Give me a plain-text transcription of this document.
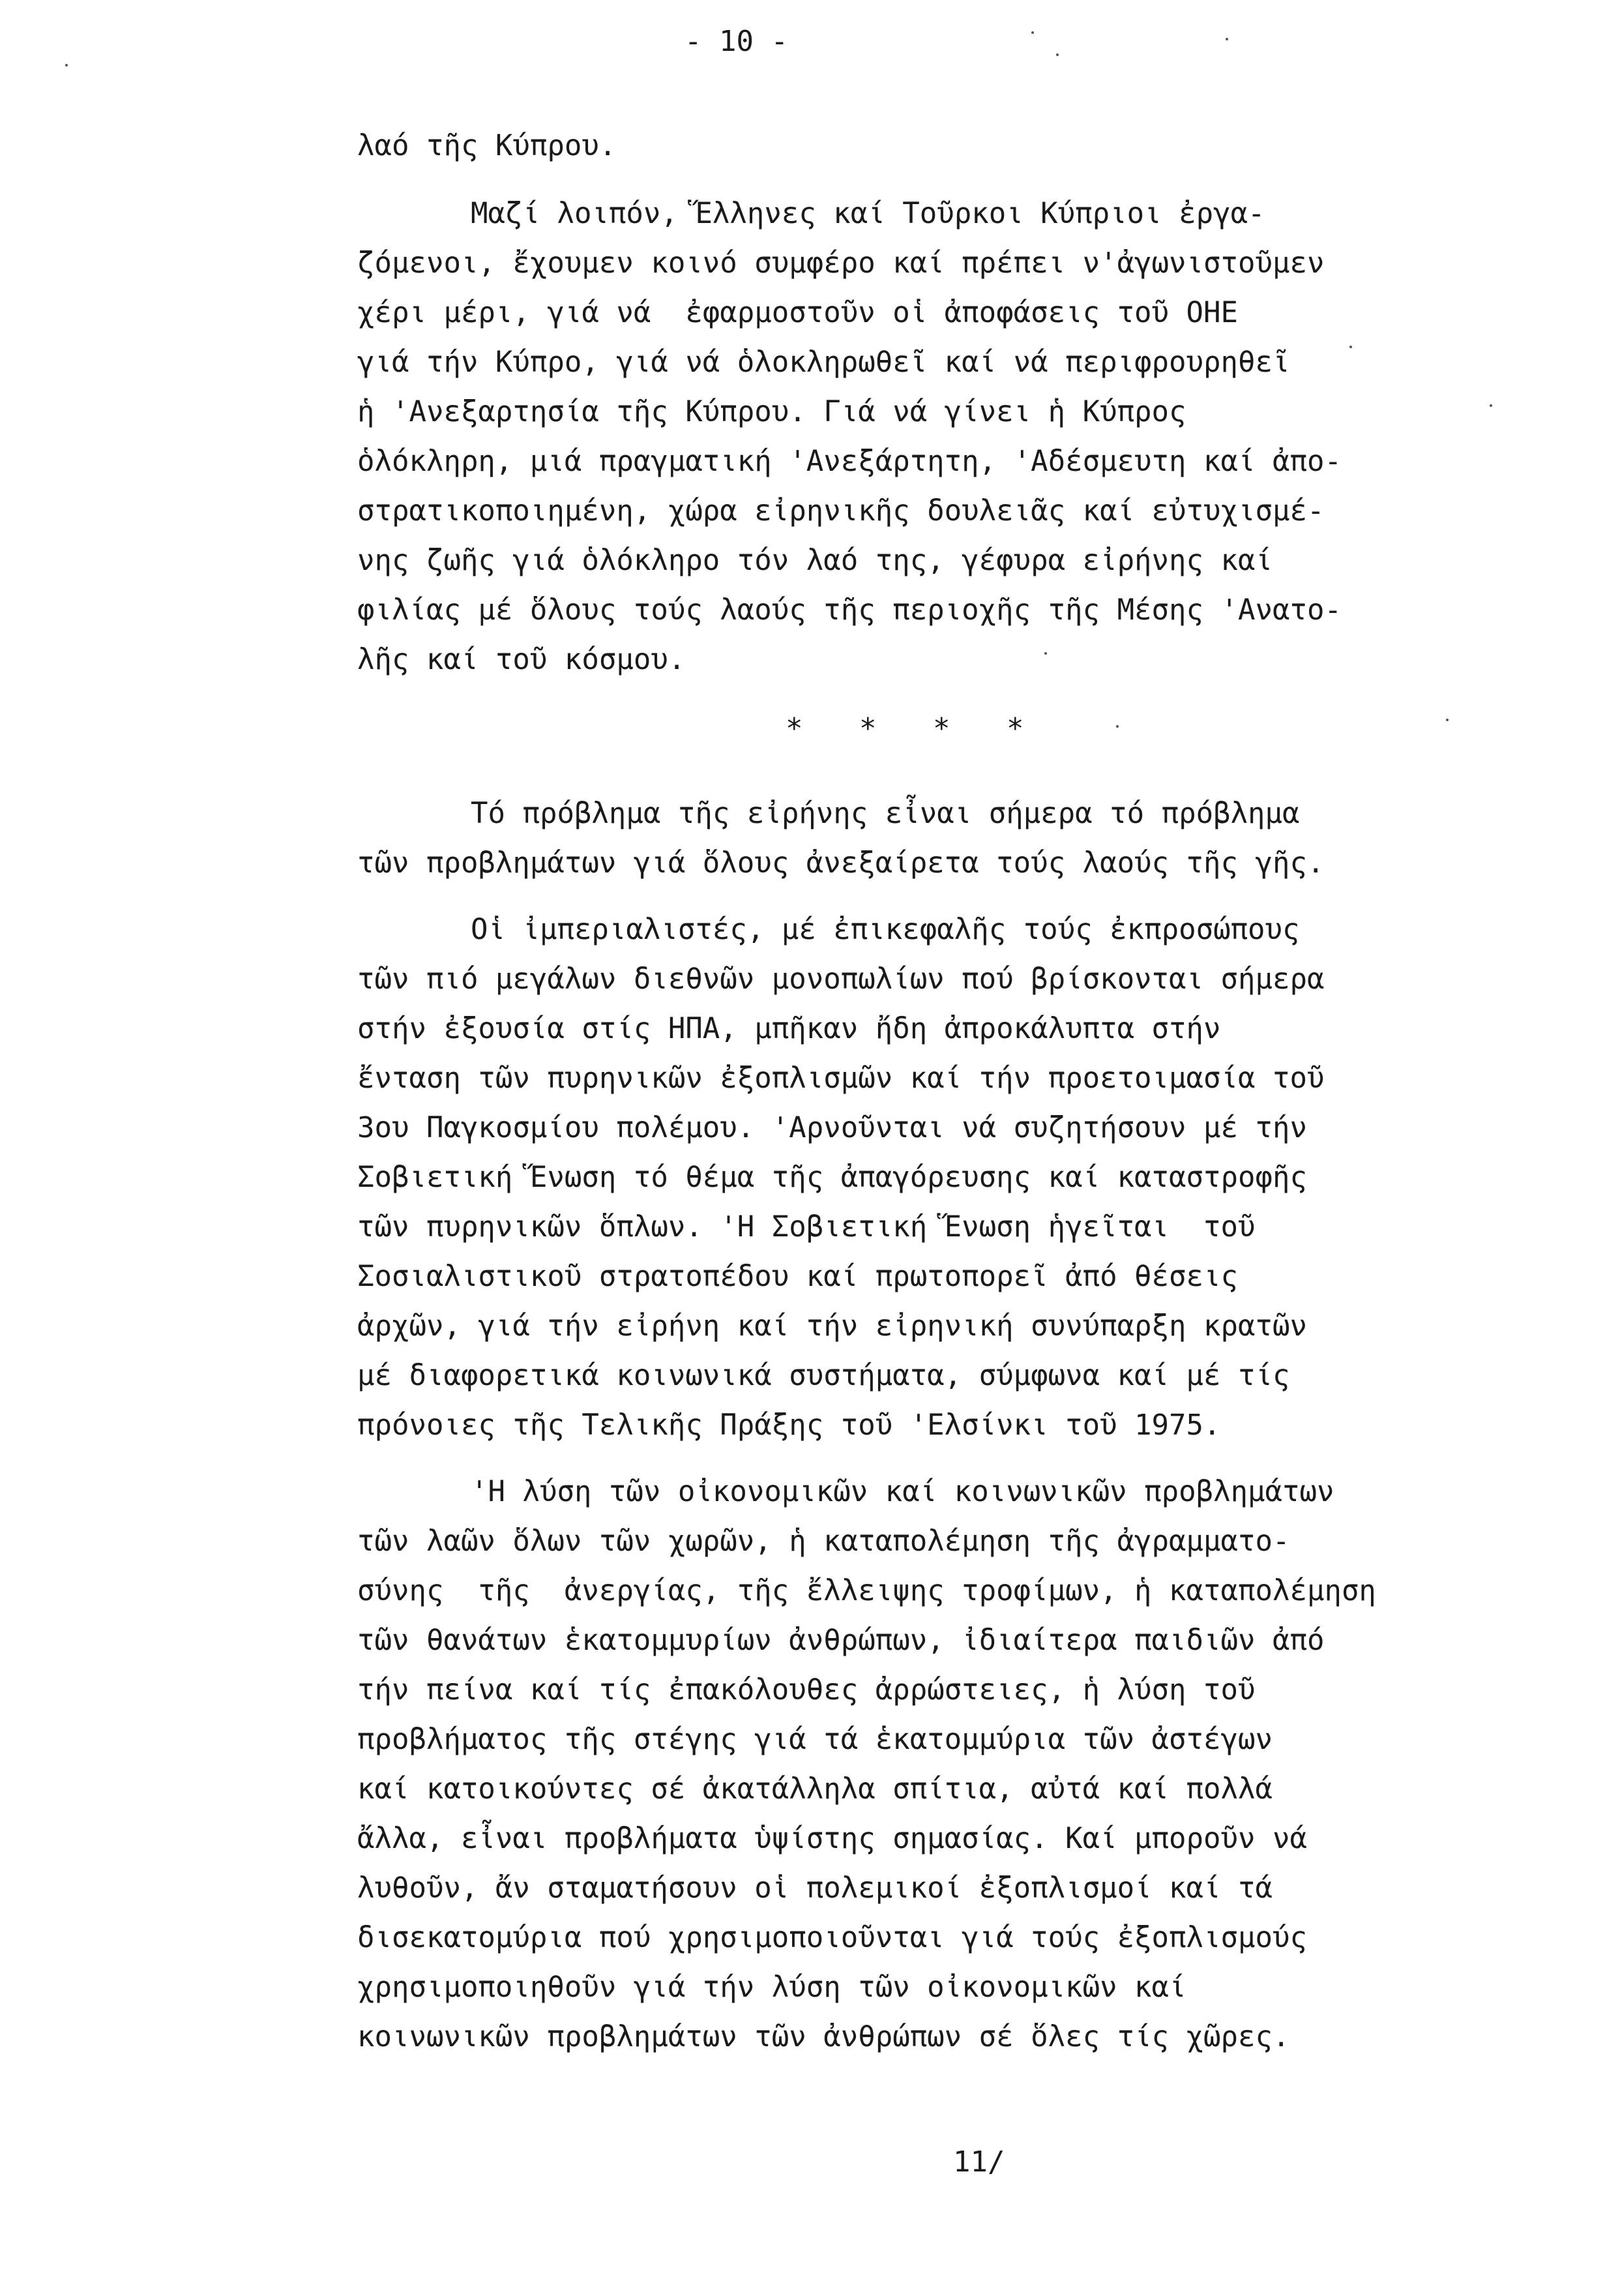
- 10 -
λαό τῆς Κύπρου.
Μαζί λοιπόν, Ἕλληνες καί Τοῦρκοι Κύπριοι ἐργα-
ζόμενοι, ἔχουμεν κοινό συμφέρο καί πρέπει ν'ἀγωνιστοῦμεν
χέρι μέρι, γιά νά  ἐφαρμοστοῦν οἱ ἀποφάσεις τοῦ ΟΗΕ
γιά τήν Κύπρο, γιά νά ὁλοκληρωθεῖ καί νά περιφρουρηθεῖ
ἡ 'Ανεξαρτησία τῆς Κύπρου. Γιά νά γίνει ἡ Κύπρος
ὁλόκληρη, μιά πραγματική 'Ανεξάρτητη, 'Αδέσμευτη καί ἀπο-
στρατικοποιημένη, χώρα εἰρηνικῆς δουλειᾶς καί εὐτυχισμέ-
νης ζωῆς γιά ὁλόκληρο τόν λαό της, γέφυρα εἰρήνης καί
φιλίας μέ ὅλους τούς λαούς τῆς περιοχῆς τῆς Μέσης 'Ανατο-
λῆς καί τοῦ κόσμου.
* * * *
Τό πρόβλημα τῆς εἰρήνης εἶναι σήμερα τό πρόβλημα
τῶν προβλημάτων γιά ὅλους ἀνεξαίρετα τούς λαούς τῆς γῆς.
Οἱ ἰμπεριαλιστές, μέ ἐπικεφαλῆς τούς ἐκπροσώπους
τῶν πιό μεγάλων διεθνῶν μονοπωλίων πού βρίσκονται σήμερα
στήν ἐξουσία στίς ΗΠΑ, μπῆκαν ἤδη ἀπροκάλυπτα στήν
ἔνταση τῶν πυρηνικῶν ἐξοπλισμῶν καί τήν προετοιμασία τοῦ
3ου Παγκοσμίου πολέμου. 'Αρνοῦνται νά συζητήσουν μέ τήν
Σοβιετική Ἕνωση τό θέμα τῆς ἀπαγόρευσης καί καταστροφῆς
τῶν πυρηνικῶν ὅπλων. 'Η Σοβιετική Ἕνωση ἡγεῖται  τοῦ
Σοσιαλιστικοῦ στρατοπέδου καί πρωτοπορεῖ ἀπό θέσεις
ἀρχῶν, γιά τήν εἰρήνη καί τήν εἰρηνική συνύπαρξη κρατῶν
μέ διαφορετικά κοινωνικά συστήματα, σύμφωνα καί μέ τίς
πρόνοιες τῆς Τελικῆς Πράξης τοῦ 'Ελσίνκι τοῦ 1975.
'Η λύση τῶν οἰκονομικῶν καί κοινωνικῶν προβλημάτων
τῶν λαῶν ὅλων τῶν χωρῶν, ἡ καταπολέμηση τῆς ἀγραμματο-
σύνης  τῆς  ἀνεργίας, τῆς ἔλλειψης τροφίμων, ἡ καταπολέμηση
τῶν θανάτων ἑκατομμυρίων ἀνθρώπων, ἰδιαίτερα παιδιῶν ἀπό
τήν πείνα καί τίς ἐπακόλουθες ἀρρώστειες, ἡ λύση τοῦ
προβλήματος τῆς στέγης γιά τά ἑκατομμύρια τῶν ἀστέγων
καί κατοικούντες σέ ἀκατάλληλα σπίτια, αὐτά καί πολλά
ἄλλα, εἶναι προβλήματα ὑψίστης σημασίας. Καί μποροῦν νά
λυθοῦν, ἄν σταματήσουν οἱ πολεμικοί ἐξοπλισμοί καί τά
δισεκατομύρια πού χρησιμοποιοῦνται γιά τούς ἐξοπλισμούς
χρησιμοποιηθοῦν γιά τήν λύση τῶν οἰκονομικῶν καί
κοινωνικῶν προβλημάτων τῶν ἀνθρώπων σέ ὅλες τίς χῶρες.
11/
